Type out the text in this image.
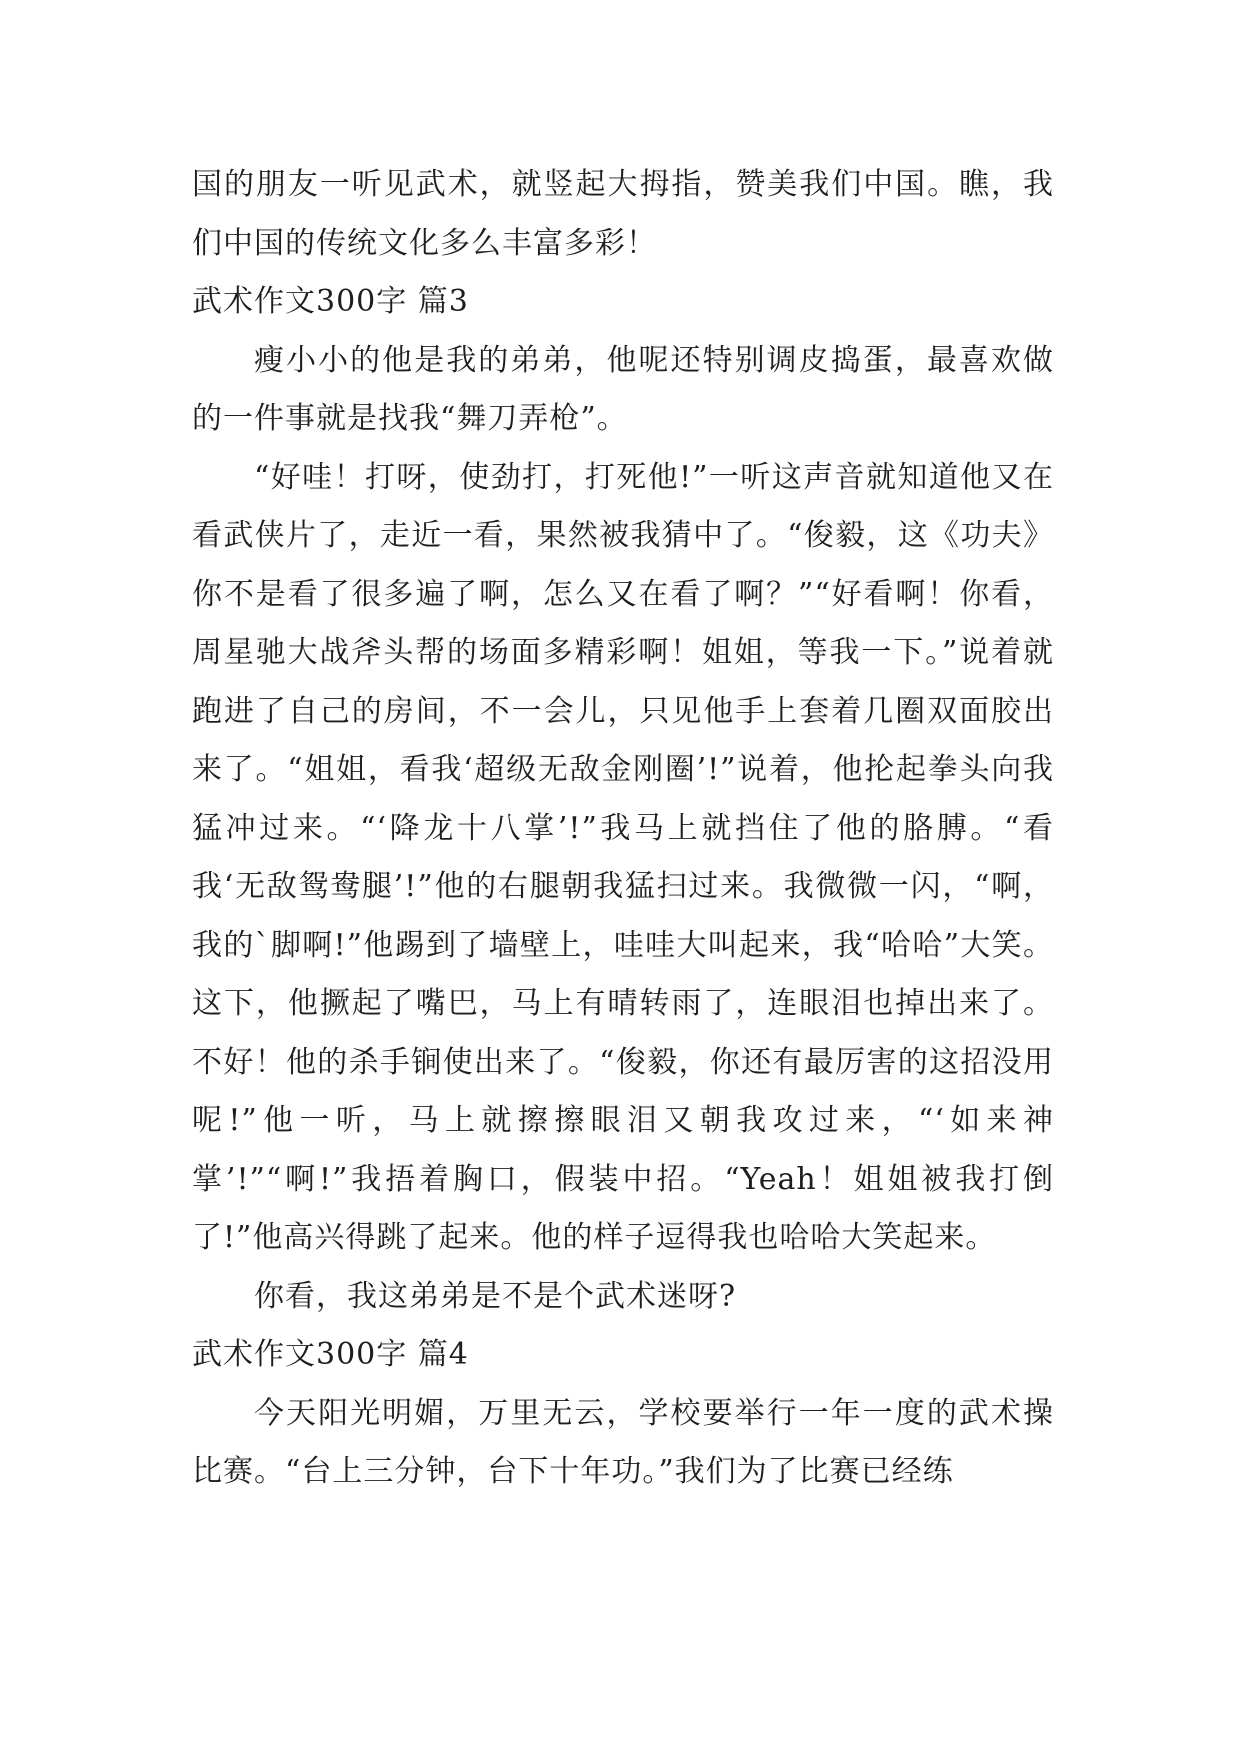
国的朋友一听见武术，就竖起大拇指，赞美我们中国。瞧，我们中国的传统文化多么丰富多彩！

武术作文300字 篇3

瘦小小的他是我的弟弟，他呢还特别调皮捣蛋，最喜欢做的一件事就是找我“舞刀弄枪”。

“好哇！打呀，使劲打，打死他!”一听这声音就知道他又在看武侠片了，走近一看，果然被我猜中了。“俊毅，这《功夫》你不是看了很多遍了啊，怎么又在看了啊？”“好看啊！你看，周星驰大战斧头帮的场面多精彩啊！姐姐，等我一下。”说着就跑进了自己的房间，不一会儿，只见他手上套着几圈双面胶出来了。“姐姐，看我‘超级无敌金刚圈’!”说着，他抡起拳头向我猛冲过来。“‘降龙十八掌’!”我马上就挡住了他的胳膊。“看我‘无敌鸳鸯腿’!”他的右腿朝我猛扫过来。我微微一闪，“啊，我的`脚啊!”他踢到了墙壁上，哇哇大叫起来，我“哈哈”大笑。这下，他撅起了嘴巴，马上有晴转雨了，连眼泪也掉出来了。不好！他的杀手锏使出来了。“俊毅，你还有最厉害的这招没用呢!”他一听，马上就擦擦眼泪又朝我攻过来，“‘如来神掌’!”“啊!”我捂着胸口，假装中招。“Yeah！姐姐被我打倒了!”他高兴得跳了起来。他的样子逗得我也哈哈大笑起来。

你看，我这弟弟是不是个武术迷呀?

武术作文300字 篇4

今天阳光明媚，万里无云，学校要举行一年一度的武术操比赛。“台上三分钟，台下十年功。”我们为了比赛已经练
